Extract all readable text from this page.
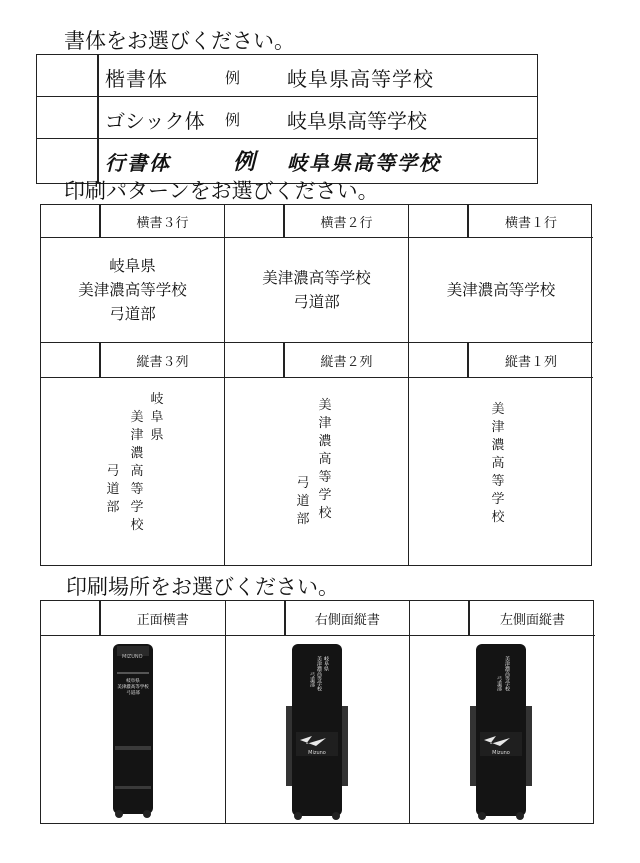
書体をお選びください。
楷書体	例 岐阜県高等学校
ゴシック体 例 岐阜県高等学校
行書体	例 岐阜県高等学校
印刷パターンをお選びください。
横書３行
岐阜県
美津濃高等学校
弓道部
縦書３列
岐阜県
美津濃高等学校
弓道部
横書２行
美津濃高等学校
弓道部
縦書２列
美津濃高等学校
弓道部
横書１行
美津濃高等学校
縦書１列
美津濃高等学校
印刷場所をお選びください。
正面横書
MIZUNO
岐阜県
美津濃高等学校
弓道部
右側面縦書
Mizuno
岐阜県
美津濃高等学校
弓道部
左側面縦書
Mizuno
美津濃高等学校
弓道部
